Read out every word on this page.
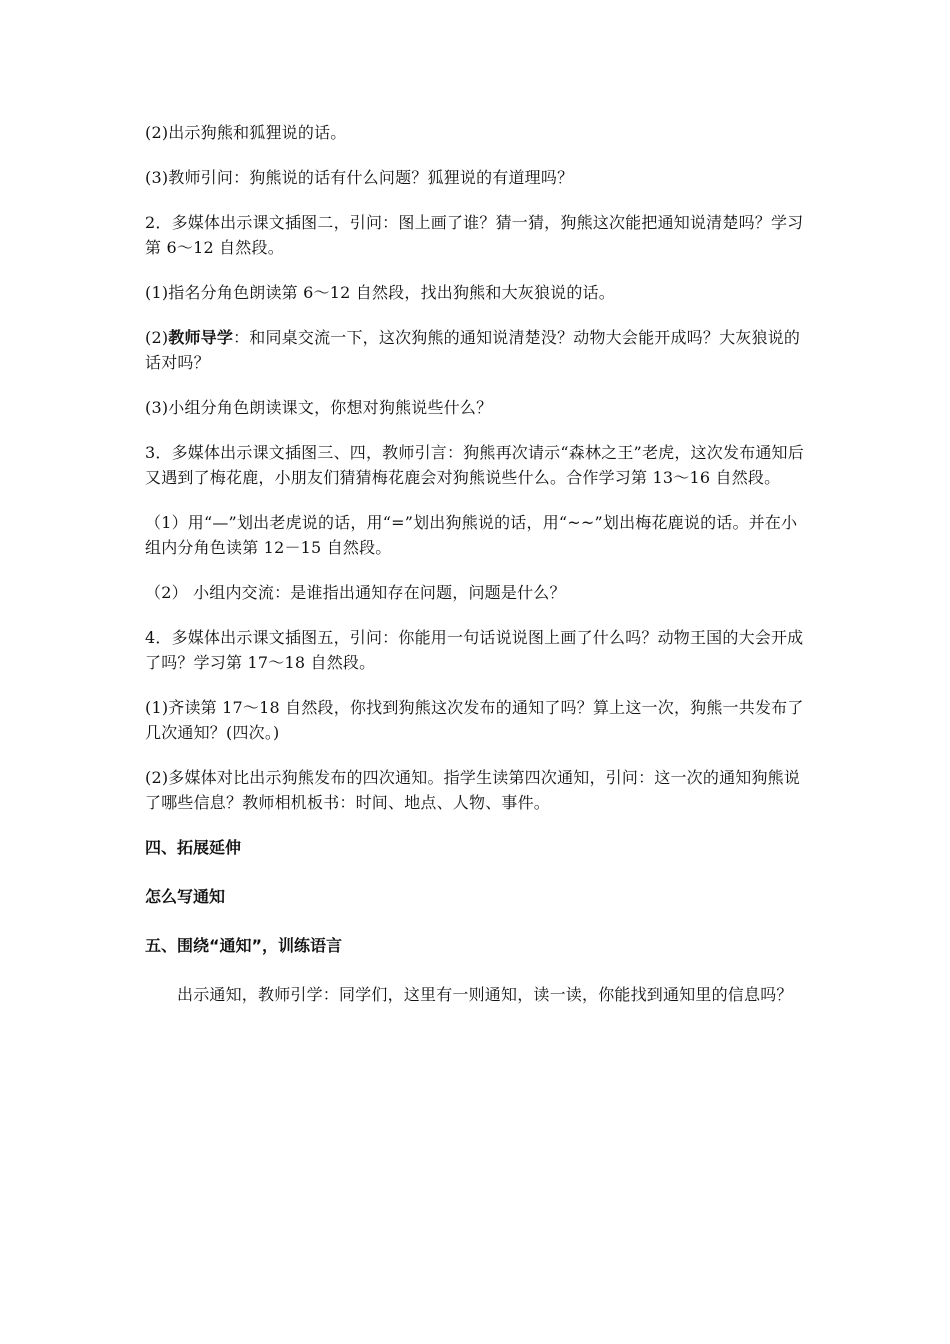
(2)出示狗熊和狐狸说的话。

(3)教师引问：狗熊说的话有什么问题？狐狸说的有道理吗？

2．多媒体出示课文插图二，引问：图上画了谁？猜一猜，狗熊这次能把通知说清楚吗？学习第 6～12 自然段。

(1)指名分角色朗读第 6～12 自然段，找出狗熊和大灰狼说的话。

(2)教师导学：和同桌交流一下，这次狗熊的通知说清楚没？动物大会能开成吗？大灰狼说的话对吗？

(3)小组分角色朗读课文，你想对狗熊说些什么？

3．多媒体出示课文插图三、四，教师引言：狗熊再次请示“森林之王”老虎，这次发布通知后又遇到了梅花鹿，小朋友们猜猜梅花鹿会对狗熊说些什么。合作学习第 13～16 自然段。

（1）用“—”划出老虎说的话，用“=”划出狗熊说的话，用“~~”划出梅花鹿说的话。并在小组内分角色读第 12－15 自然段。

（2） 小组内交流：是谁指出通知存在问题，问题是什么？

4．多媒体出示课文插图五，引问：你能用一句话说说图上画了什么吗？动物王国的大会开成了吗？学习第 17～18 自然段。

(1)齐读第 17～18 自然段，你找到狗熊这次发布的通知了吗？算上这一次，狗熊一共发布了几次通知？(四次。)

(2)多媒体对比出示狗熊发布的四次通知。指学生读第四次通知，引问：这一次的通知狗熊说了哪些信息？教师相机板书：时间、地点、人物、事件。

四、拓展延伸

怎么写通知

五、围绕“通知”，训练语言

出示通知，教师引学：同学们，这里有一则通知，读一读，你能找到通知里的信息吗？
